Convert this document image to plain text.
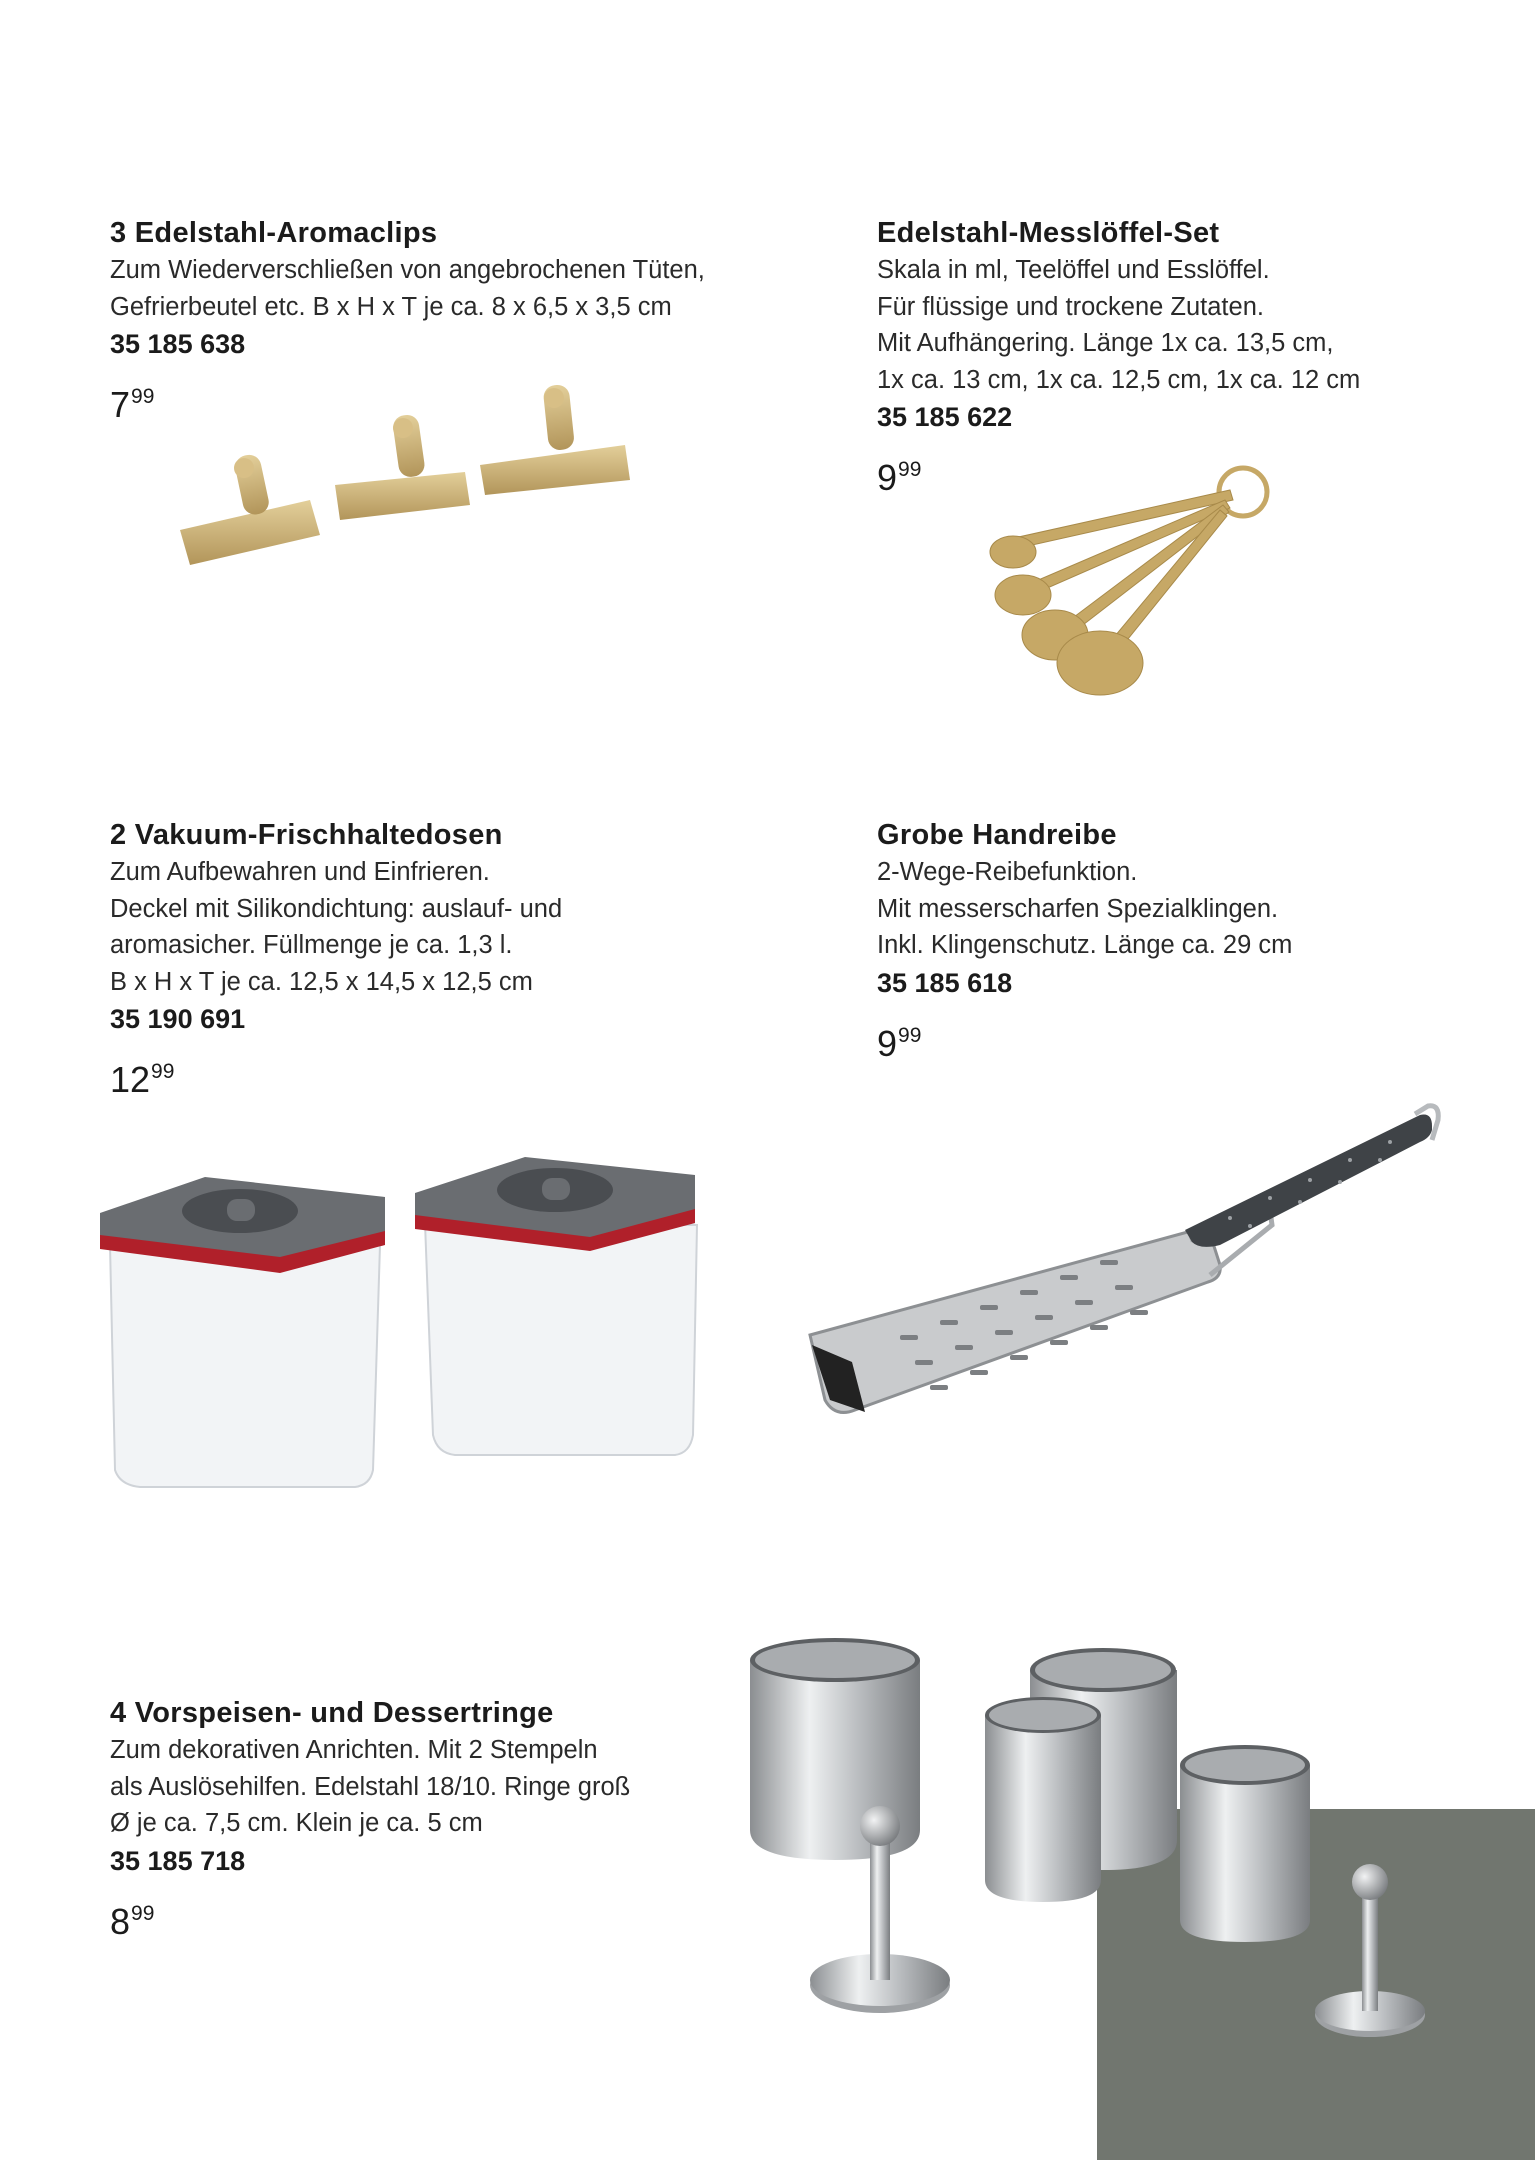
3 Edelstahl-Aromaclips
Zum Wiederverschließen von angebrochenen Tüten,
Gefrierbeutel etc. B x H x T je ca. 8 x 6,5 x 3,5 cm
35 185 638
$7^{99}$
Edelstahl-Messlöffel-Set
Skala in ml, Teelöffel und Esslöffel.
Für flüssige und trockene Zutaten.
Mit Aufhängering. Länge 1x ca. 13,5 cm,
1x ca. 13 cm, 1x ca. 12,5 cm, 1x ca. 12 cm
35 185 622
$9^{99}$
2 Vakuum-Frischhaltedosen
Zum Aufbewahren und Einfrieren.
Deckel mit Silikondichtung: auslauf- und
aromasicher. Füllmenge je ca. 1,3 l.
B x H x T je ca. 12,5 x 14,5 x 12,5 cm
35 190 691
$12^{99}$
Grobe Handreibe
2-Wege-Reibefunktion.
Mit messerscharfen Spezialklingen.
Inkl. Klingenschutz. Länge ca. 29 cm
35 185 618
$9^{99}$
4 Vorspeisen- und Dessertringe
Zum dekorativen Anrichten. Mit 2 Stempeln
als Auslösehilfen. Edelstahl 18/10. Ringe groß
Ø je ca. 7,5 cm. Klein je ca. 5 cm
35 185 718
$8^{99}$
